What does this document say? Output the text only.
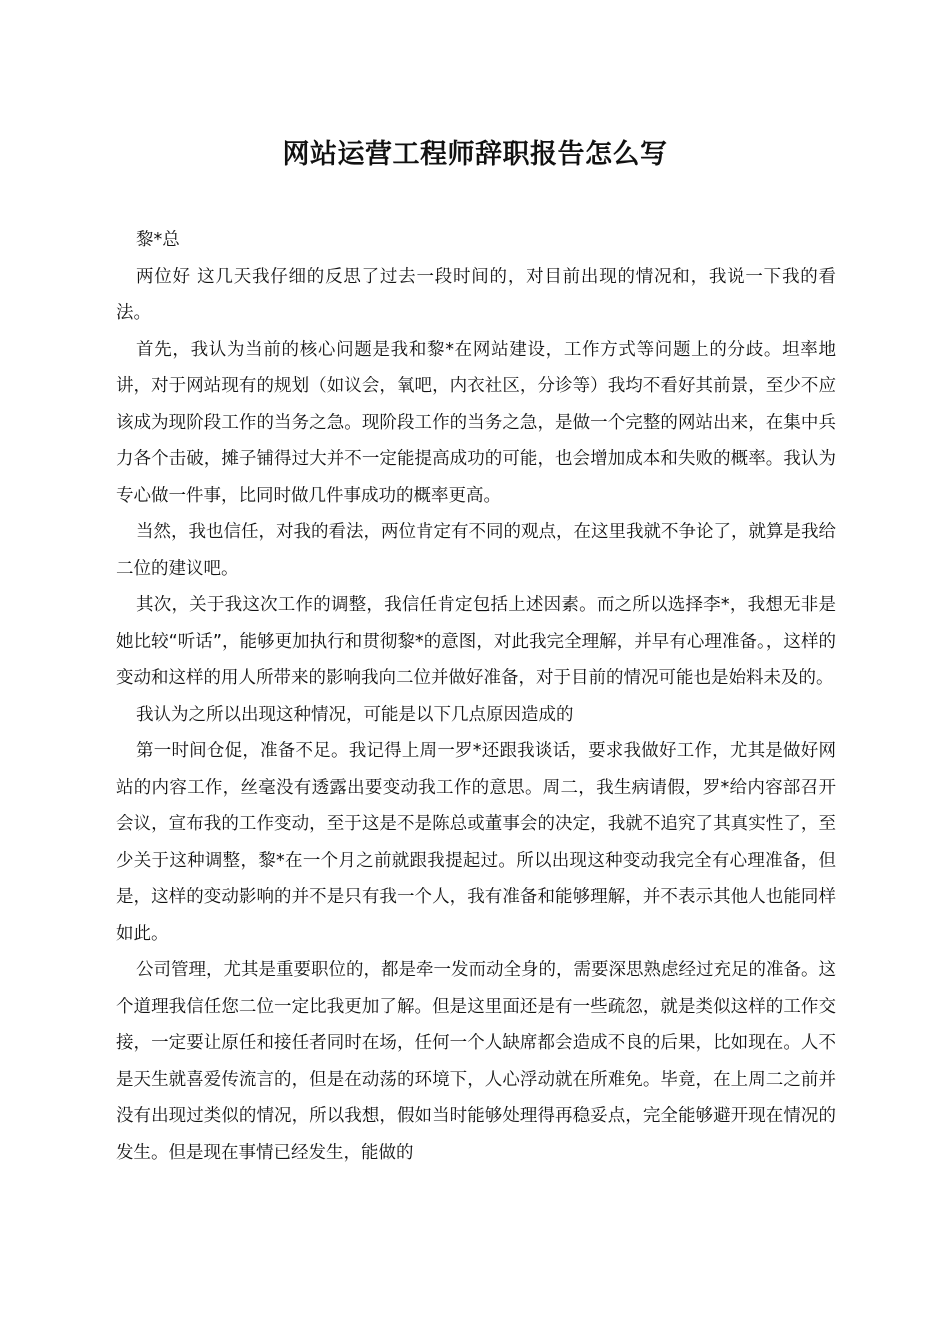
网站运营工程师辞职报告怎么写

黎*总

两位好 这几天我仔细的反思了过去一段时间的，对目前出现的情况和，我说一下我的看法。

首先，我认为当前的核心问题是我和黎*在网站建设，工作方式等问题上的分歧。坦率地讲，对于网站现有的规划（如议会，氧吧，内衣社区，分诊等）我均不看好其前景，至少不应该成为现阶段工作的当务之急。现阶段工作的当务之急，是做一个完整的网站出来，在集中兵力各个击破，摊子铺得过大并不一定能提高成功的可能，也会增加成本和失败的概率。我认为专心做一件事，比同时做几件事成功的概率更高。

当然，我也信任，对我的看法，两位肯定有不同的观点，在这里我就不争论了，就算是我给二位的建议吧。

其次，关于我这次工作的调整，我信任肯定包括上述因素。而之所以选择李*，我想无非是她比较“听话”，能够更加执行和贯彻黎*的意图，对此我完全理解，并早有心理准备。，这样的变动和这样的用人所带来的影响我向二位并做好准备，对于目前的情况可能也是始料未及的。

我认为之所以出现这种情况，可能是以下几点原因造成的

第一时间仓促，准备不足。我记得上周一罗*还跟我谈话，要求我做好工作，尤其是做好网站的内容工作，丝毫没有透露出要变动我工作的意思。周二，我生病请假，罗*给内容部召开会议，宣布我的工作变动，至于这是不是陈总或董事会的决定，我就不追究了其真实性了，至少关于这种调整，黎*在一个月之前就跟我提起过。所以出现这种变动我完全有心理准备，但是，这样的变动影响的并不是只有我一个人，我有准备和能够理解，并不表示其他人也能同样如此。

公司管理，尤其是重要职位的，都是牵一发而动全身的，需要深思熟虑经过充足的准备。这个道理我信任您二位一定比我更加了解。但是这里面还是有一些疏忽，就是类似这样的工作交接，一定要让原任和接任者同时在场，任何一个人缺席都会造成不良的后果，比如现在。人不是天生就喜爱传流言的，但是在动荡的环境下，人心浮动就在所难免。毕竟，在上周二之前并没有出现过类似的情况，所以我想，假如当时能够处理得再稳妥点，完全能够避开现在情况的发生。但是现在事情已经发生，能做的
